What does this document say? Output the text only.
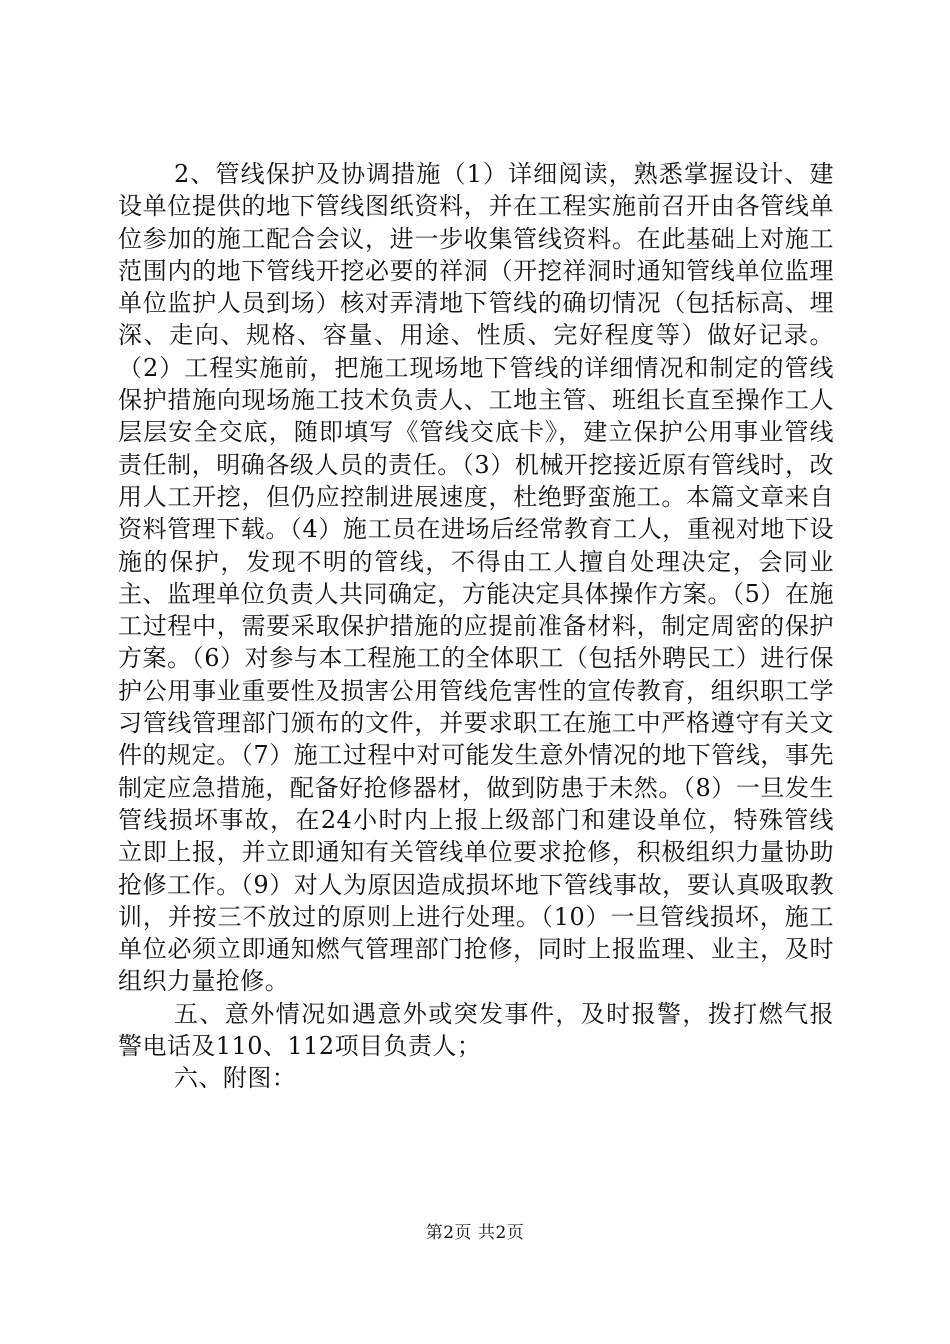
2、管线保护及协调措施（1）详细阅读，熟悉掌握设计、建设单位提供的地下管线图纸资料，并在工程实施前召开由各管线单位参加的施工配合会议，进一步收集管线资料。在此基础上对施工范围内的地下管线开挖必要的祥洞（开挖祥洞时通知管线单位监理单位监护人员到场）核对弄清地下管线的确切情况（包括标高、埋深、走向、规格、容量、用途、性质、完好程度等）做好记录。（2）工程实施前，把施工现场地下管线的详细情况和制定的管线保护措施向现场施工技术负责人、工地主管、班组长直至操作工人层层安全交底，随即填写《管线交底卡》，建立保护公用事业管线责任制，明确各级人员的责任。（3）机械开挖接近原有管线时，改用人工开挖，但仍应控制进展速度，杜绝野蛮施工。本篇文章来自资料管理下载。（4）施工员在进场后经常教育工人，重视对地下设施的保护，发现不明的管线，不得由工人擅自处理决定，会同业主、监理单位负责人共同确定，方能决定具体操作方案。（5）在施工过程中，需要采取保护措施的应提前准备材料，制定周密的保护方案。（6）对参与本工程施工的全体职工（包括外聘民工）进行保护公用事业重要性及损害公用管线危害性的宣传教育，组织职工学习管线管理部门颁布的文件，并要求职工在施工中严格遵守有关文件的规定。（7）施工过程中对可能发生意外情况的地下管线，事先制定应急措施，配备好抢修器材，做到防患于未然。（8）一旦发生管线损坏事故，在24小时内上报上级部门和建设单位，特殊管线立即上报，并立即通知有关管线单位要求抢修，积极组织力量协助抢修工作。（9）对人为原因造成损坏地下管线事故，要认真吸取教训，并按三不放过的原则上进行处理。（10）一旦管线损坏，施工单位必须立即通知燃气管理部门抢修，同时上报监理、业主，及时组织力量抢修。

五、意外情况如遇意外或突发事件，及时报警，拨打燃气报警电话及110、112项目负责人；

六、附图：

第2页 共2页
